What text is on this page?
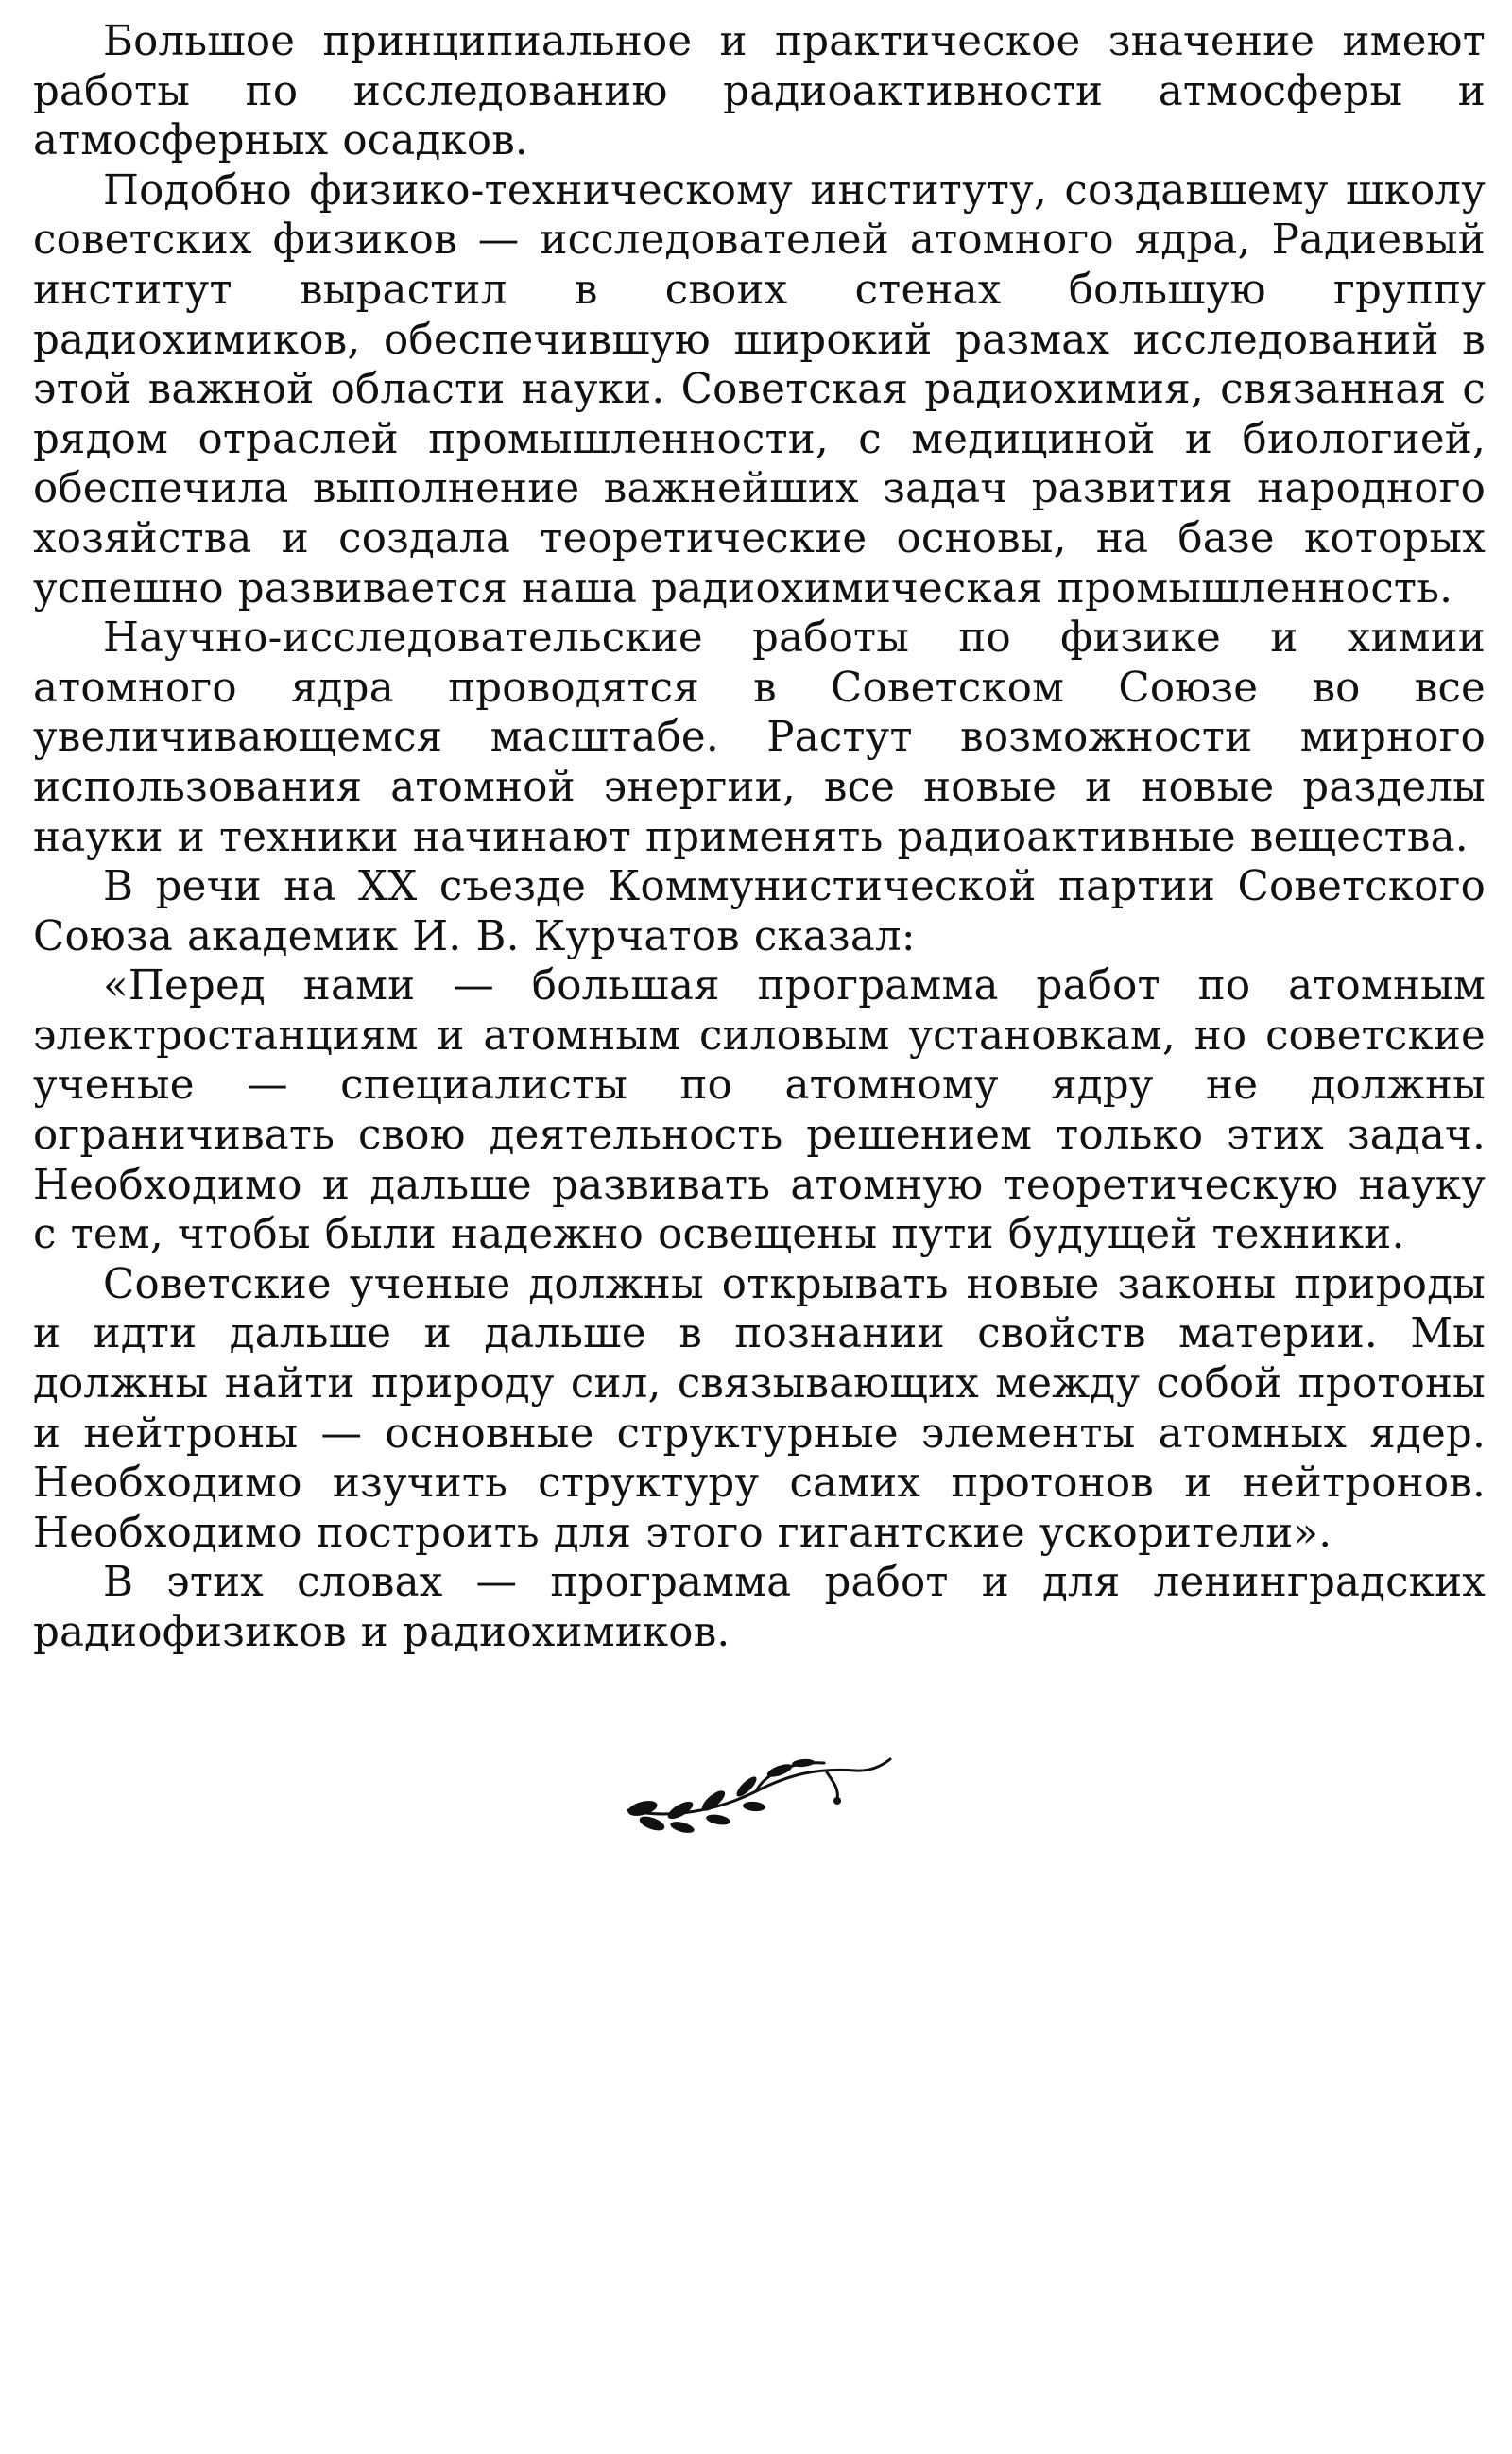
Большое принципиальное и практическое значение имеют работы по исследованию радиоактивности атмосферы и атмосферных осадков.

Подобно физико-техническому институту, создавшему школу советских физиков — исследователей атомного ядра, Радиевый институт вырастил в своих стенах большую группу радиохимиков, обеспечившую широкий размах исследований в этой важной области науки. Советская радиохимия, связанная с рядом отраслей промышленности, с медициной и биологией, обеспечила выполнение важнейших задач развития народного хозяйства и создала теоретические основы, на базе которых успешно развивается наша радиохимическая промышленность.

Научно-исследовательские работы по физике и химии атомного ядра проводятся в Советском Союзе во все увеличивающемся масштабе. Растут возможности мирного использования атомной энергии, все новые и новые разделы науки и техники начинают применять радиоактивные вещества.

В речи на XX съезде Коммунистической партии Советского Союза академик И. В. Курчатов сказал:

«Перед нами — большая программа работ по атомным электростанциям и атомным силовым установкам, но советские ученые — специалисты по атомному ядру не должны ограничивать свою деятельность решением только этих задач. Необходимо и дальше развивать атомную теоретическую науку с тем, чтобы были надежно освещены пути будущей техники.

Советские ученые должны открывать новые законы природы и идти дальше и дальше в познании свойств материи. Мы должны найти природу сил, связывающих между собой протоны и нейтроны — основные структурные элементы атомных ядер. Необходимо изучить структуру самих протонов и нейтронов. Необходимо построить для этого гигантские ускорители».

В этих словах — программа работ и для ленинградских радиофизиков и радиохимиков.
